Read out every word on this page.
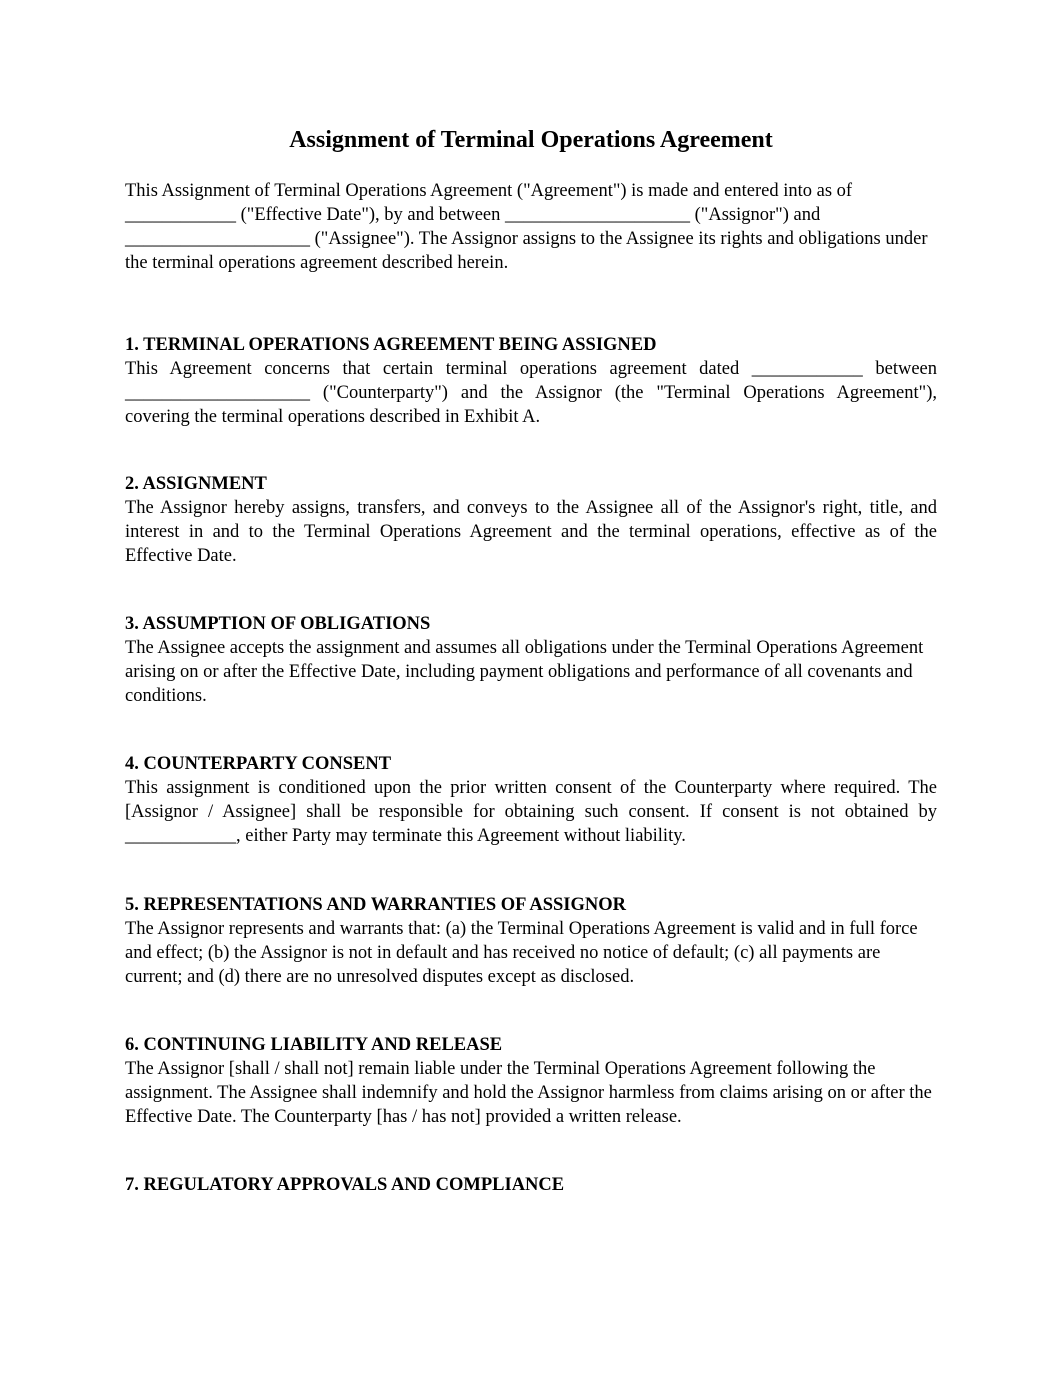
Assignment of Terminal Operations Agreement

This Assignment of Terminal Operations Agreement ("Agreement") is made and entered into as of ____________ ("Effective Date"), by and between ____________________ ("Assignor") and ____________________ ("Assignee"). The Assignor assigns to the Assignee its rights and obligations under the terminal operations agreement described herein.

1. TERMINAL OPERATIONS AGREEMENT BEING ASSIGNED

This Agreement concerns that certain terminal operations agreement dated ____________ between ____________________ ("Counterparty") and the Assignor (the "Terminal Operations Agreement"), covering the terminal operations described in Exhibit A.

2. ASSIGNMENT

The Assignor hereby assigns, transfers, and conveys to the Assignee all of the Assignor's right, title, and interest in and to the Terminal Operations Agreement and the terminal operations, effective as of the Effective Date.

3. ASSUMPTION OF OBLIGATIONS

The Assignee accepts the assignment and assumes all obligations under the Terminal Operations Agreement arising on or after the Effective Date, including payment obligations and performance of all covenants and conditions.

4. COUNTERPARTY CONSENT

This assignment is conditioned upon the prior written consent of the Counterparty where required. The [Assignor / Assignee] shall be responsible for obtaining such consent. If consent is not obtained by ____________, either Party may terminate this Agreement without liability.

5. REPRESENTATIONS AND WARRANTIES OF ASSIGNOR

The Assignor represents and warrants that: (a) the Terminal Operations Agreement is valid and in full force and effect; (b) the Assignor is not in default and has received no notice of default; (c) all payments are current; and (d) there are no unresolved disputes except as disclosed.

6. CONTINUING LIABILITY AND RELEASE

The Assignor [shall / shall not] remain liable under the Terminal Operations Agreement following the assignment. The Assignee shall indemnify and hold the Assignor harmless from claims arising on or after the Effective Date. The Counterparty [has / has not] provided a written release.

7. REGULATORY APPROVALS AND COMPLIANCE
